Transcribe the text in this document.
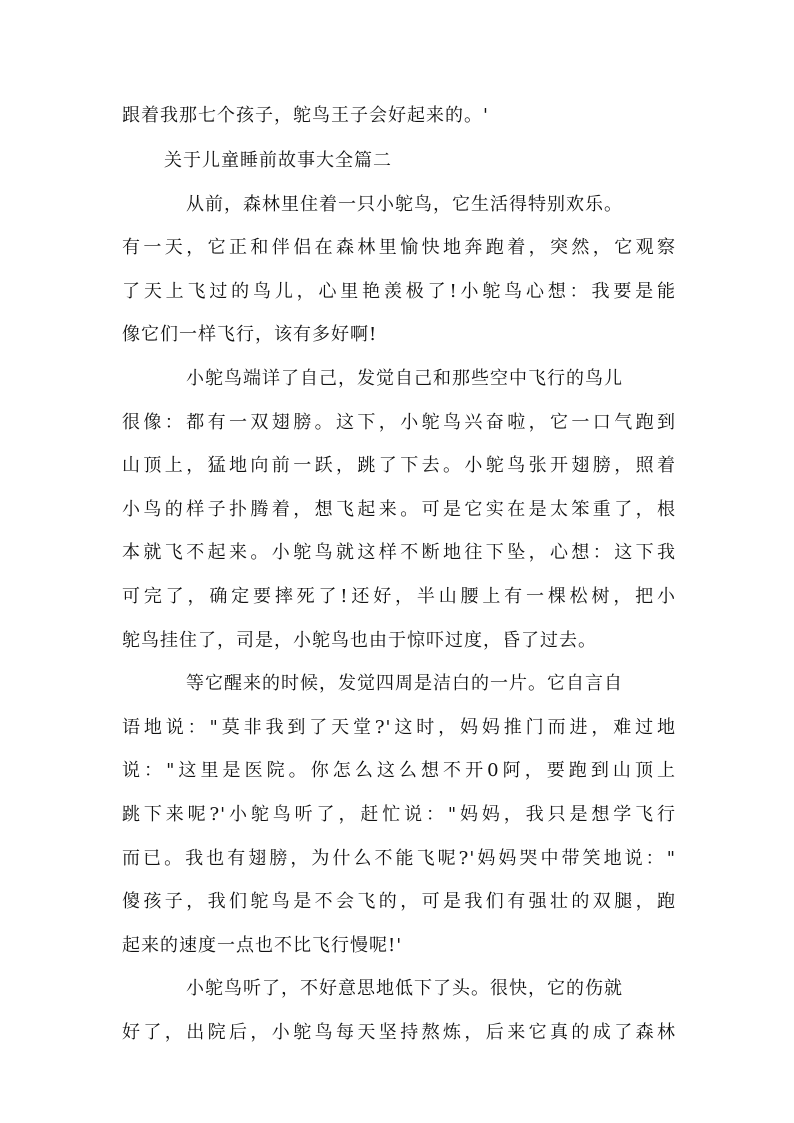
跟着我那七个孩子，鸵鸟王子会好起来的。'
关于儿童睡前故事大全篇二
从前，森林里住着一只小鸵鸟，它生活得特别欢乐。
有一天，它正和伴侣在森林里愉快地奔跑着，突然，它观察
了天上飞过的鸟儿，心里艳羡极了!小鸵鸟心想：我要是能
像它们一样飞行，该有多好啊!
小鸵鸟端详了自己，发觉自己和那些空中飞行的鸟儿
很像：都有一双翅膀。这下，小鸵鸟兴奋啦，它一口气跑到
山顶上，猛地向前一跃，跳了下去。小鸵鸟张开翅膀，照着
小鸟的样子扑腾着，想飞起来。可是它实在是太笨重了，根
本就飞不起来。小鸵鸟就这样不断地往下坠，心想：这下我
可完了，确定要摔死了!还好，半山腰上有一棵松树，把小
鸵鸟挂住了，司是，小鸵鸟也由于惊吓过度，昏了过去。
等它醒来的时候，发觉四周是洁白的一片。它自言自
语地说："莫非我到了天堂?'这时，妈妈推门而进，难过地
说："这里是医院。你怎么这么想不开0阿，要跑到山顶上
跳下来呢?'小鸵鸟听了，赶忙说："妈妈，我只是想学飞行
而已。我也有翅膀，为什么不能飞呢?'妈妈哭中带笑地说："
傻孩子，我们鸵鸟是不会飞的，可是我们有强壮的双腿，跑
起来的速度一点也不比飞行慢呢!'
小鸵鸟听了，不好意思地低下了头。很快，它的伤就
好了，出院后，小鸵鸟每天坚持熬炼，后来它真的成了森林
